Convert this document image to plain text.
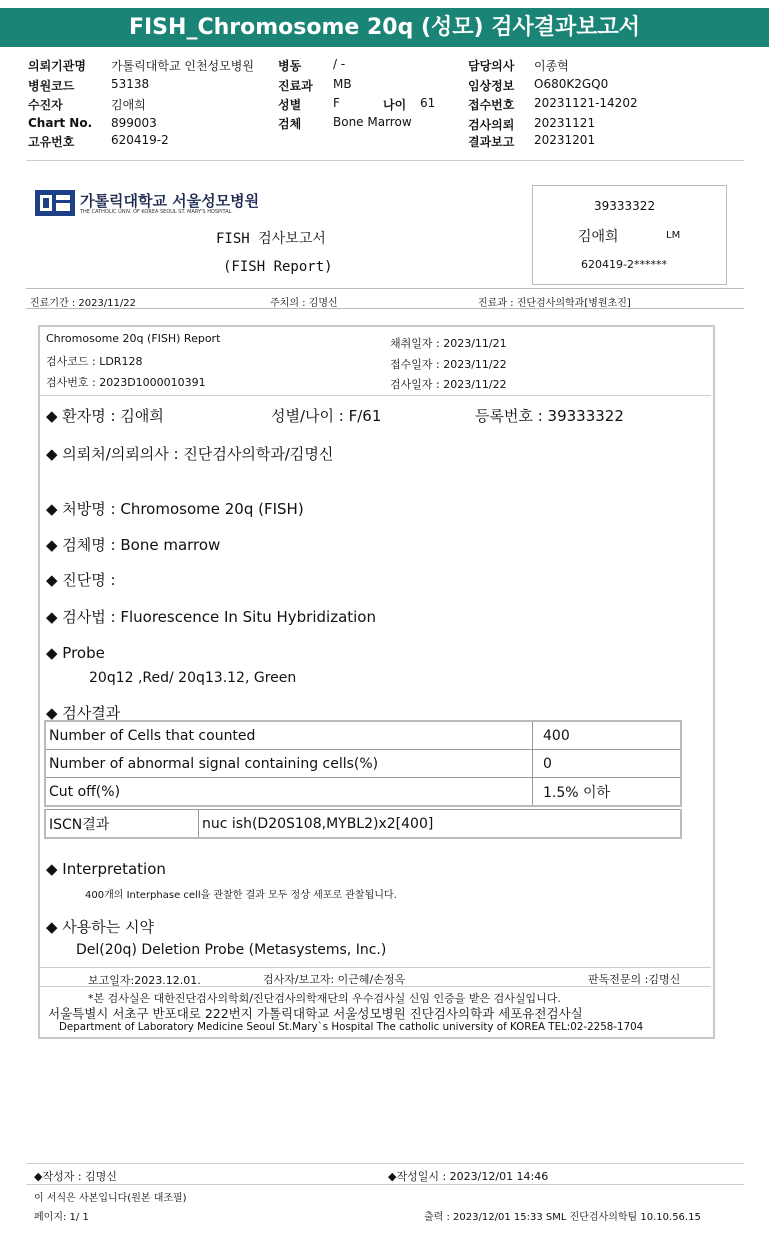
FISH_Chromosome 20q (성모) 검사결과보고서
의뢰기관명 가톨릭대학교 인천성모병원
병원코드	53138
수진자	김애희
Chart No. 899003
고유번호	620419-2
병동	/ -
진료과 MB
성별	F	나이 61
검체	Bone Marrow
담당의사 이종혁
임상정보 O680K2GQ0
접수번호 20231121-14202
검사의뢰 20231121
결과보고 20231201
가톨릭대학교 서울성모병원
THE CATHOLIC UNIV. OF KOREA SEOUL ST. MARY'S HOSPITAL
FISH 검사보고서
(FISH Report)
39333322
김애희	LM
620419-2******
진료기간 : 2023/11/22	주치의 : 김명신	진료과 : 진단검사의학과[병원초진]
Chromosome 20q (FISH) Report
검사코드 : LDR128
검사번호 : 2023D1000010391
채취일자 : 2023/11/21
접수일자 : 2023/11/22
검사일자 : 2023/11/22
◆ 환자명 : 김애희	성별/나이 : F/61	등록번호 : 39333322
◆ 의뢰처/의뢰의사 : 진단검사의학과/김명신
◆ 처방명 : Chromosome 20q (FISH)
◆ 검체명 : Bone marrow
◆ 진단명 :
◆ 검사법 : Fluorescence In Situ Hybridization
◆ Probe
20q12 ,Red/ 20q13.12, Green
◆ 검사결과
Number of Cells that counted	400
Number of abnormal signal containing cells(%)	0
Cut off(%)	1.5% 이하
ISCN결과	nuc ish(D20S108,MYBL2)x2[400]
◆ Interpretation
400개의 Interphase cell을 관찰한 결과 모두 정상 세포로 관찰됩니다.
◆ 사용하는 시약
Del(20q) Deletion Probe (Metasystems, Inc.)
보고일자:2023.12.01.	검사자/보고자: 이근혜/손정옥	판독전문의 :김명신
*본 검사실은 대한진단검사의학회/진단검사의학재단의 우수검사실 신임 인증을 받은 검사실입니다.
서울특별시 서초구 반포대로 222번지 가톨릭대학교 서울성모병원 진단검사의학과 세포유전검사실
Department of Laboratory Medicine Seoul St.Mary`s Hospital The catholic university of KOREA TEL:02-2258-1704
◆작성자 : 김명신	◆작성일시 : 2023/12/01 14:46
이 서식은 사본입니다(원본 대조필)
페이지: 1/ 1	출력 : 2023/12/01 15:33 SML 진단검사의학팀 10.10.56.15
